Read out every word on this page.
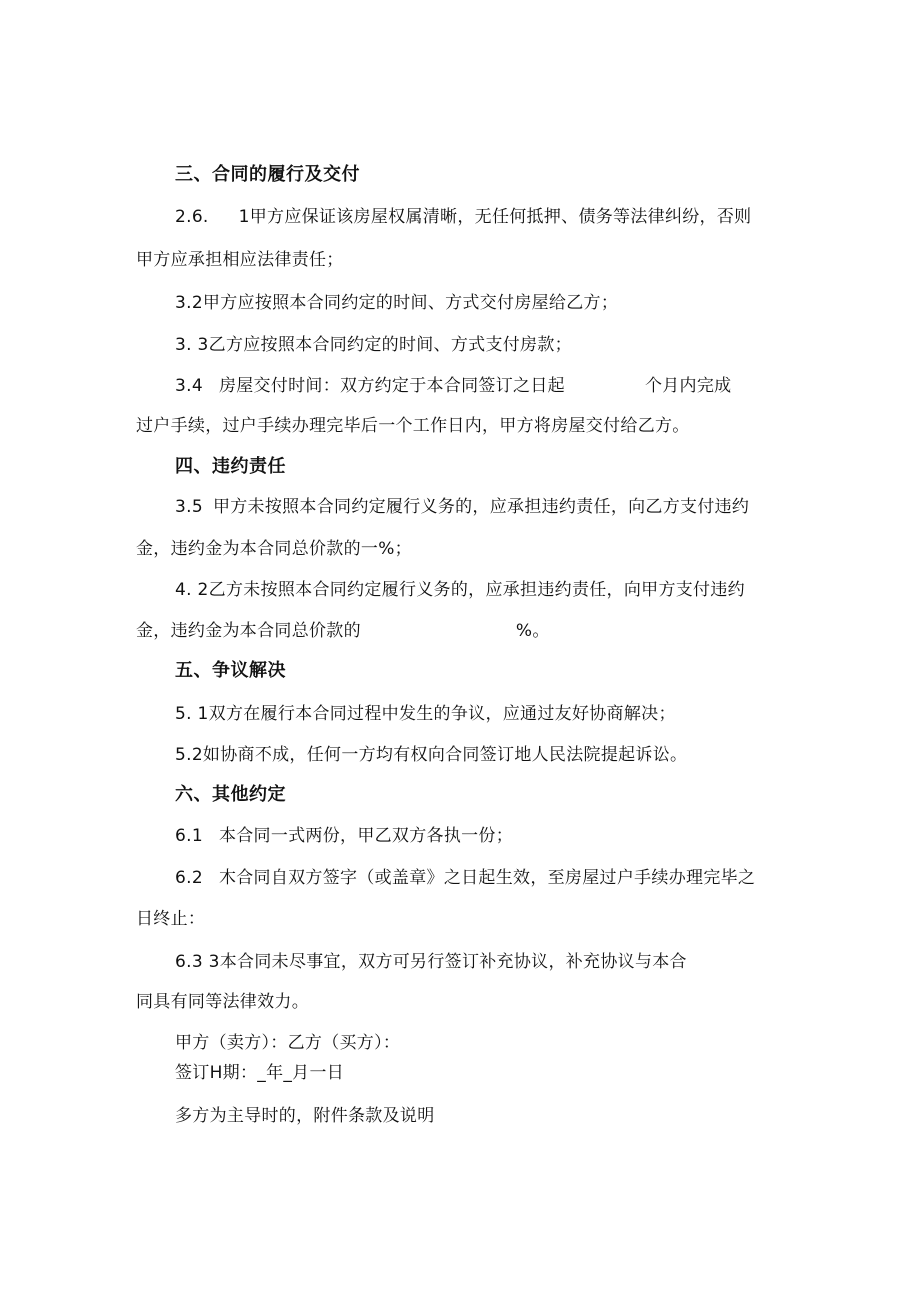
三、合同的履行及交付
2.6. 1甲方应保证该房屋权属清晰，无任何抵押、债务等法律纠纷，否则
甲方应承担相应法律责任；
3.2甲方应按照本合同约定的时间、方式交付房屋给乙方；
3. 3乙方应按照本合同约定的时间、方式支付房款；
3.4 房屋交付时间：双方约定于本合同签订之日起	个月内完成
过户手续，过户手续办理完毕后一个工作日内，甲方将房屋交付给乙方。
四、违约责任
3.5 甲方未按照本合同约定履行义务的，应承担违约责任，向乙方支付违约
金，违约金为本合同总价款的一%；
4. 2乙方未按照本合同约定履行义务的，应承担违约责任，向甲方支付违约
金，违约金为本合同总价款的	%。
五、争议解决
5. 1双方在履行本合同过程中发生的争议，应通过友好协商解决；
5.2如协商不成，任何一方均有权向合同签订地人民法院提起诉讼。
六、其他约定
6.1 本合同一式两份，甲乙双方各执一份；
6.2 木合同自双方签字（或盖章》之日起生效，至房屋过户手续办理完毕之
日终止：
6.3 3本合同未尽事宜，双方可另行签订补充协议，补充协议与本合
同具有同等法律效力。
甲方（卖方）：乙方（买方）：
签订H期：_年_月一日
多方为主导时的，附件条款及说明
